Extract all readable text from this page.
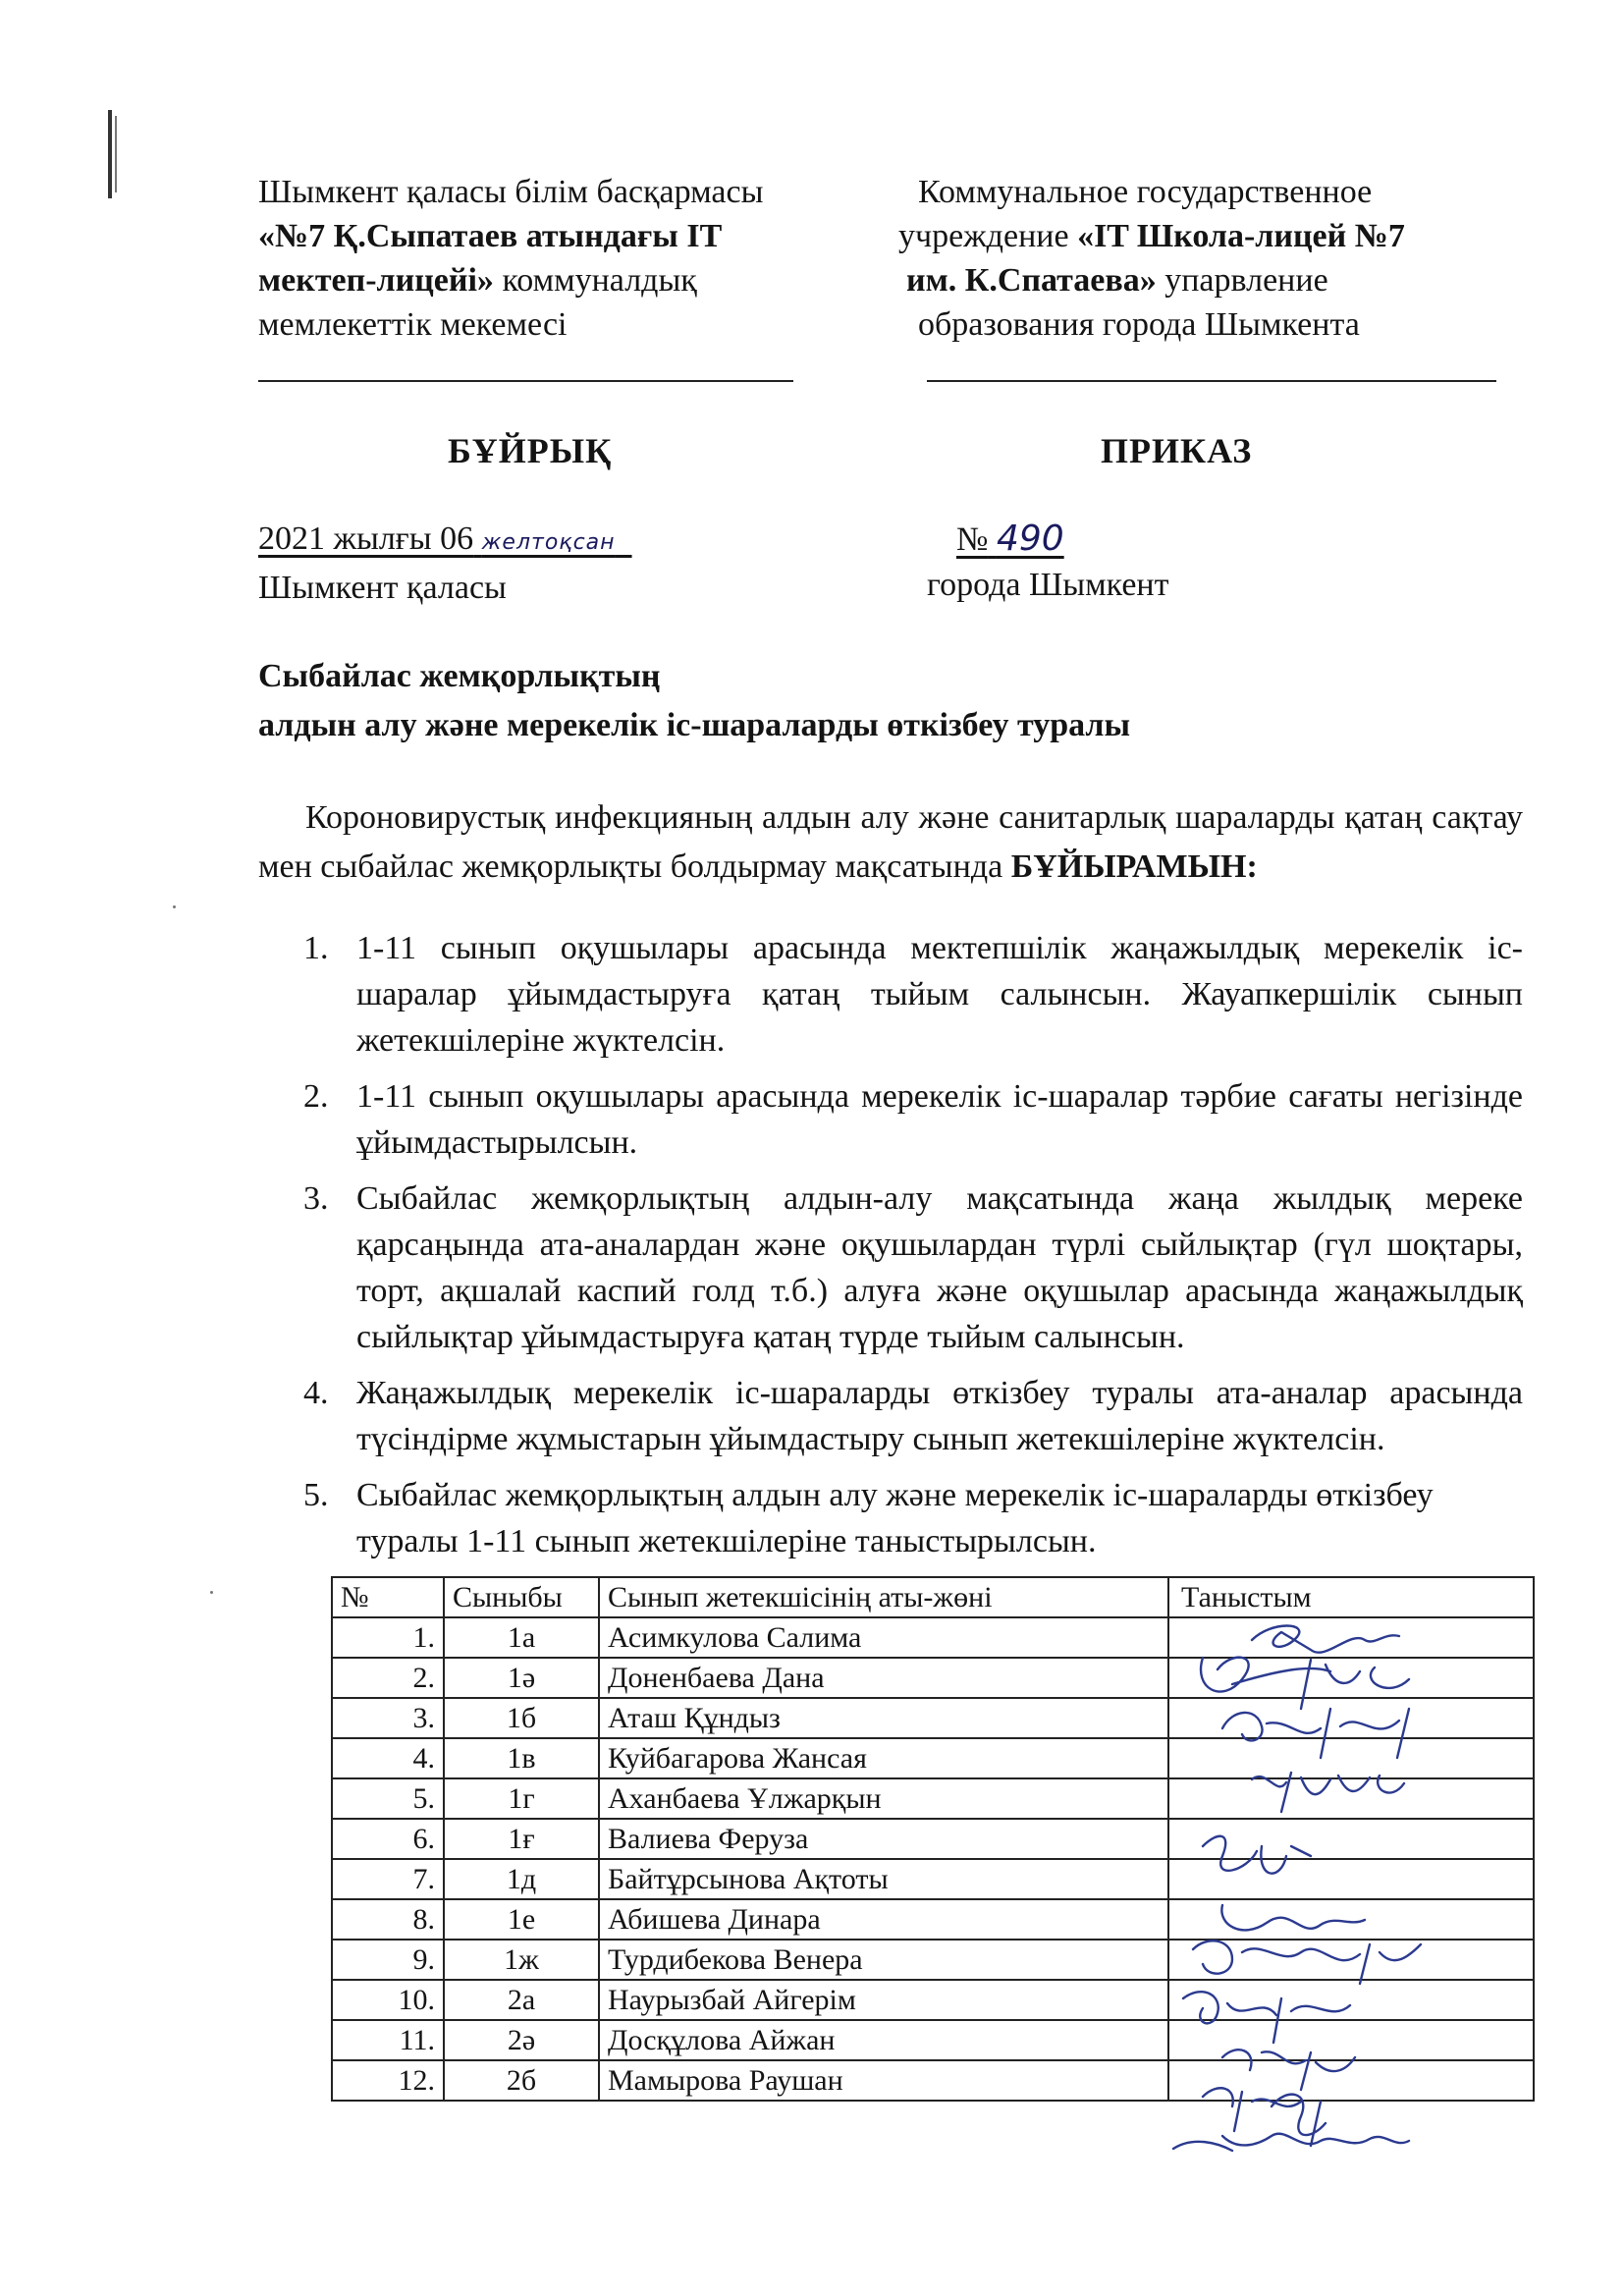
Шымкент қаласы білім басқармасы
«№7 Қ.Сыпатаев атындағы IT
мектеп-лицейі» коммуналдық
мемлекеттік мекемесі
Коммунальное государственное
учреждение «IT Школа-лицей №7
им. К.Спатаева» упарвление
образования города Шымкента
БҰЙРЫҚ	ПРИКАЗ
2021 жылғы 06 желтоқсан
Шымкент қаласы
№ 490
города Шымкент
Сыбайлас жемқорлықтың
алдын алу және мерекелік іс-шараларды өткізбеу туралы
Короновирустық инфекцияның алдын алу және санитарлық шараларды қатаң сақтау мен сыбайлас жемқорлықты болдырмау мақсатында БҰЙЫРАМЫН:
1. 1-11 сынып оқушылары арасында мектепшілік жаңажылдық мерекелік іс-шаралар ұйымдастыруға қатаң тыйым салынсын. Жауапкершілік сынып жетекшілеріне жүктелсін.
2. 1-11 сынып оқушылары арасында мерекелік іс-шаралар тәрбие сағаты негізінде ұйымдастырылсын.
3. Сыбайлас жемқорлықтың алдын-алу мақсатында жаңа жылдық мереке қарсаңында ата-аналардан және оқушылардан түрлі сыйлықтар (гүл шоқтары, торт, ақшалай каспий голд т.б.) алуға және оқушылар арасында жаңажылдық сыйлықтар ұйымдастыруға қатаң түрде тыйым салынсын.
4. Жаңажылдық мерекелік іс-шараларды өткізбеу туралы ата-аналар арасында түсіндірме жұмыстарын ұйымдастыру сынып жетекшілеріне жүктелсін.
5. Сыбайлас жемқорлықтың алдын алу және мерекелік іс-шараларды өткізбеу туралы 1-11 сынып жетекшілеріне таныстырылсын.
№	Сыныбы	Сынып жетекшісінің аты-жөні	Таныстым
1.	1а	Асимкулова Салима	
2.	1ә	Доненбаева Дана	
3.	1б	Аташ Құндыз	
4.	1в	Куйбагарова Жансая	
5.	1г	Аханбаева Ұлжарқын	
6.	1ғ	Валиева Феруза	
7.	1д	Байтұрсынова Ақтоты	
8.	1е	Абишева Динара	
9.	1ж	Турдибекова Венера	
10.	2а	Наурызбай Айгерім	
11.	2ә	Досқұлова Айжан	
12.	2б	Мамырова Раушан	
